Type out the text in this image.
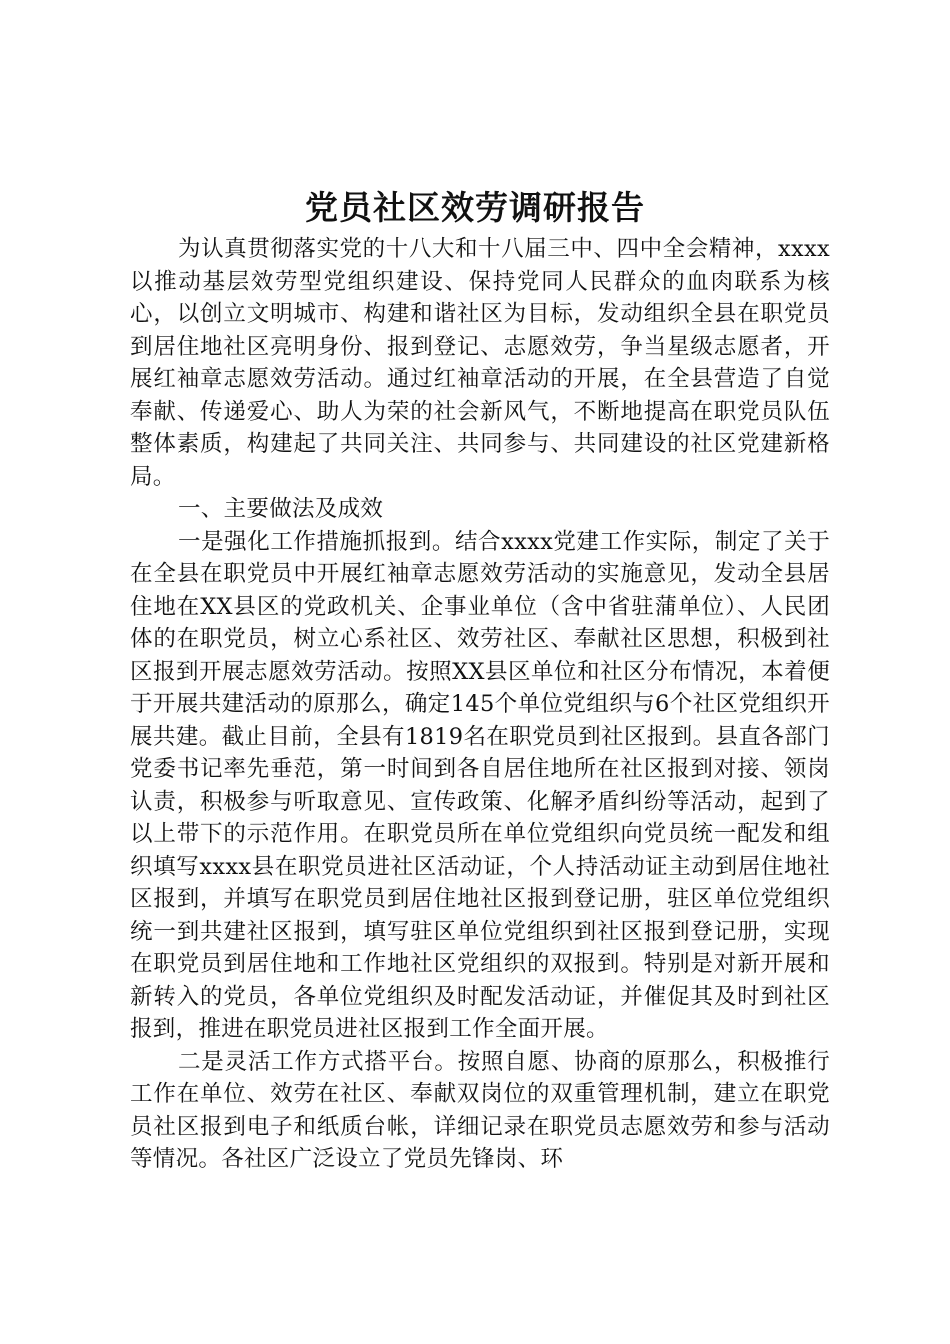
党员社区效劳调研报告

为认真贯彻落实党的十八大和十八届三中、四中全会精神，xxxx以推动基层效劳型党组织建设、保持党同人民群众的血肉联系为核心，以创立文明城市、构建和谐社区为目标，发动组织全县在职党员到居住地社区亮明身份、报到登记、志愿效劳，争当星级志愿者，开展红袖章志愿效劳活动。通过红袖章活动的开展，在全县营造了自觉奉献、传递爱心、助人为荣的社会新风气，不断地提高在职党员队伍整体素质，构建起了共同关注、共同参与、共同建设的社区党建新格局。

一、主要做法及成效

一是强化工作措施抓报到。结合xxxx党建工作实际，制定了关于在全县在职党员中开展红袖章志愿效劳活动的实施意见，发动全县居住地在XX县区的党政机关、企事业单位（含中省驻蒲单位）、人民团体的在职党员，树立心系社区、效劳社区、奉献社区思想，积极到社区报到开展志愿效劳活动。按照XX县区单位和社区分布情况，本着便于开展共建活动的原那么，确定145个单位党组织与6个社区党组织开展共建。截止目前，全县有1819名在职党员到社区报到。县直各部门党委书记率先垂范，第一时间到各自居住地所在社区报到对接、领岗认责，积极参与听取意见、宣传政策、化解矛盾纠纷等活动，起到了以上带下的示范作用。在职党员所在单位党组织向党员统一配发和组织填写xxxx县在职党员进社区活动证，个人持活动证主动到居住地社区报到，并填写在职党员到居住地社区报到登记册，驻区单位党组织统一到共建社区报到，填写驻区单位党组织到社区报到登记册，实现在职党员到居住地和工作地社区党组织的双报到。特别是对新开展和新转入的党员，各单位党组织及时配发活动证，并催促其及时到社区报到，推进在职党员进社区报到工作全面开展。

二是灵活工作方式搭平台。按照自愿、协商的原那么，积极推行工作在单位、效劳在社区、奉献双岗位的双重管理机制，建立在职党员社区报到电子和纸质台帐，详细记录在职党员志愿效劳和参与活动等情况。各社区广泛设立了党员先锋岗、环
